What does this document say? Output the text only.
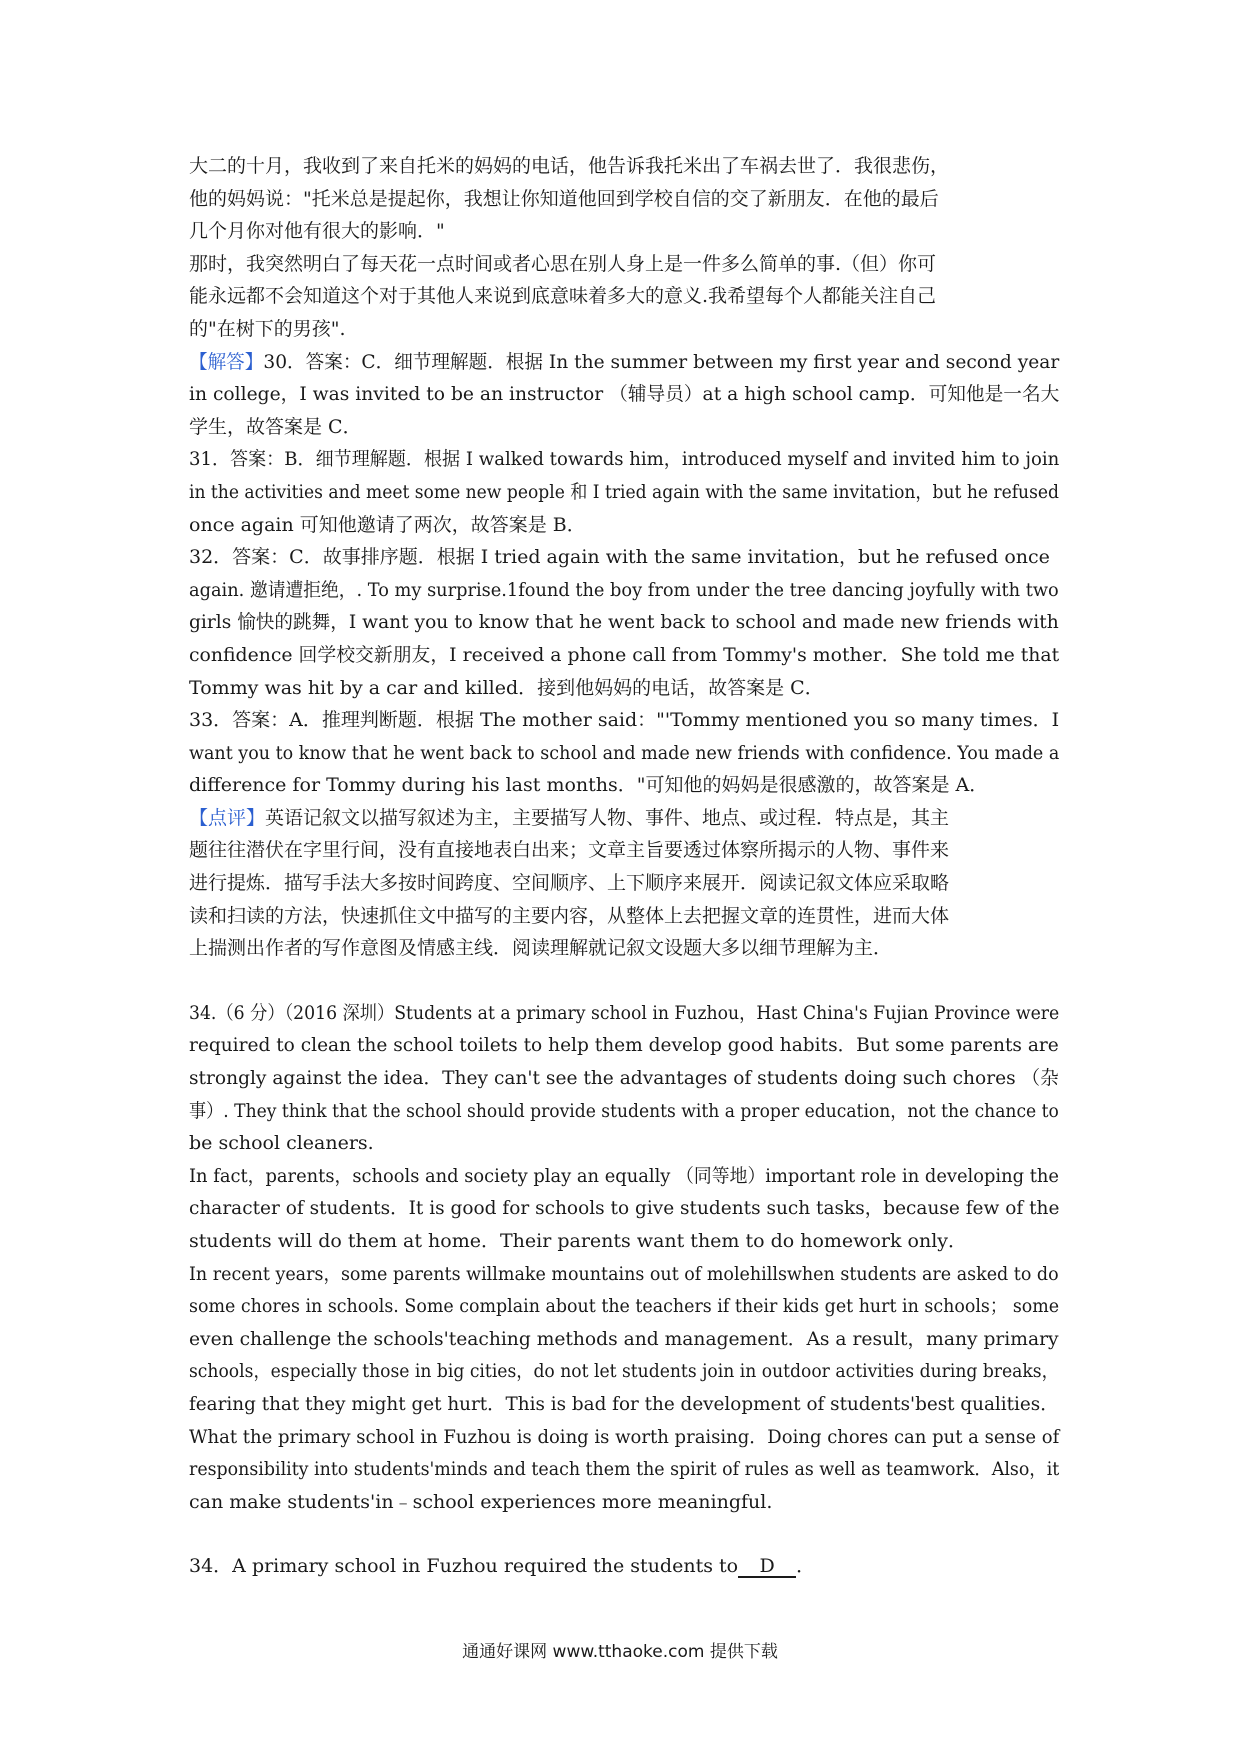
大二的十月，我收到了来自托米的妈妈的电话，他告诉我托米出了车祸去世了．我很悲伤，

他的妈妈说："托米总是提起你，我想让你知道他回到学校自信的交了新朋友．在他的最后

几个月你对他有很大的影响．"

那时，我突然明白了每天花一点时间或者心思在别人身上是一件多么简单的事.（但）你可

能永远都不会知道这个对于其他人来说到底意味着多大的意义.我希望每个人都能关注自己

的"在树下的男孩".

【解答】30．答案：C．细节理解题．根据 In the summer between my first year and second year

in college，I was invited to be an instructor （辅导员）at a high school camp．可知他是一名大

学生，故答案是 C．

31．答案：B．细节理解题．根据 I walked towards him，introduced myself and invited him to join

in the activities and meet some new people 和 I tried again with the same invitation，but he refused

once again 可知他邀请了两次，故答案是 B．

32．答案：C．故事排序题．根据 I tried again with the same invitation，but he refused once

again. 邀请遭拒绝，. To my surprise.1found the boy from under the tree dancing joyfully with two

girls 愉快的跳舞，I want you to know that he went back to school and made new friends with

confidence 回学校交新朋友，I received a phone call from Tommy's mother．She told me that

Tommy was hit by a car and killed．接到他妈妈的电话，故答案是 C．

33．答案：A．推理判断题．根据 The mother said："'Tommy mentioned you so many times．I

want you to know that he went back to school and made new friends with confidence. You made a

difference for Tommy during his last months．"可知他的妈妈是很感激的，故答案是 A．

【点评】英语记叙文以描写叙述为主，主要描写人物、事件、地点、或过程．特点是，其主

题往往潜伏在字里行间，没有直接地表白出来；文章主旨要透过体察所揭示的人物、事件来

进行提炼．描写手法大多按时间跨度、空间顺序、上下顺序来展开．阅读记叙文体应采取略

读和扫读的方法，快速抓住文中描写的主要内容，从整体上去把握文章的连贯性，进而大体

上揣测出作者的写作意图及情感主线．阅读理解就记叙文设题大多以细节理解为主．

34.（6 分）（2016 深圳）Students at a primary school in Fuzhou，Hast China's Fujian Province were

required to clean the school toilets to help them develop good habits．But some parents are

strongly against the idea．They can't see the advantages of students doing such chores （杂

事）. They think that the school should provide students with a proper education，not the chance to

be school cleaners.

In fact，parents，schools and society play an equally （同等地）important role in developing the

character of students．It is good for schools to give students such tasks，because few of the

students will do them at home．Their parents want them to do homework only．

In recent years，some parents willmake mountains out of molehillswhen students are asked to do

some chores in schools. Some complain about the teachers if their kids get hurt in schools； some

even challenge the schools'teaching methods and management．As a result，many primary

schools，especially those in big cities，do not let students join in outdoor activities during breaks，

fearing that they might get hurt．This is bad for the development of students'best qualities．

What the primary school in Fuzhou is doing is worth praising．Doing chores can put a sense of

responsibility into students'minds and teach them the spirit of rules as well as teamwork．Also，it

can make students'in﹣school experiences more meaningful.

34．A primary school in Fuzhou required the students to D ．

通通好课网 www.tthaoke.com 提供下载
